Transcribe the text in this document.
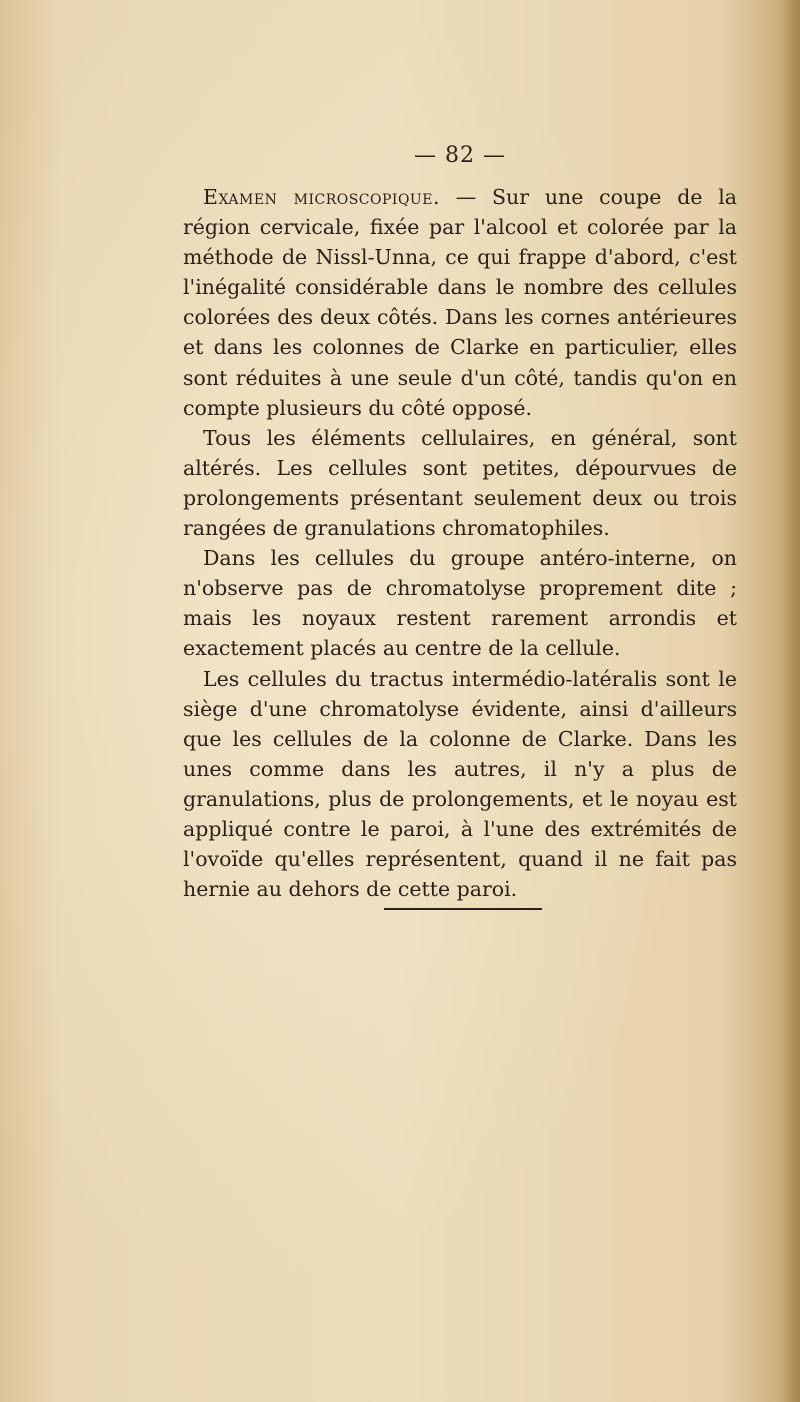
— 82 —

Examen microscopique. — Sur une coupe de la région cervicale, fixée par l'alcool et colorée par la méthode de Nissl-Unna, ce qui frappe d'abord, c'est l'inégalité considérable dans le nombre des cellules colorées des deux côtés. Dans les cornes antérieures et dans les colonnes de Clarke en particulier, elles sont réduites à une seule d'un côté, tandis qu'on en compte plusieurs du côté opposé.

Tous les éléments cellulaires, en général, sont altérés. Les cellules sont petites, dépourvues de prolongements présentant seulement deux ou trois rangées de granulations chromatophiles.

Dans les cellules du groupe antéro-interne, on n'observe pas de chromatolyse proprement dite ; mais les noyaux restent rarement arrondis et exactement placés au centre de la cellule.

Les cellules du tractus intermédio-latéralis sont le siège d'une chromatolyse évidente, ainsi d'ailleurs que les cellules de la colonne de Clarke. Dans les unes comme dans les autres, il n'y a plus de granulations, plus de prolongements, et le noyau est appliqué contre le paroi, à l'une des extrémités de l'ovoïde qu'elles représentent, quand il ne fait pas hernie au dehors de cette paroi.
